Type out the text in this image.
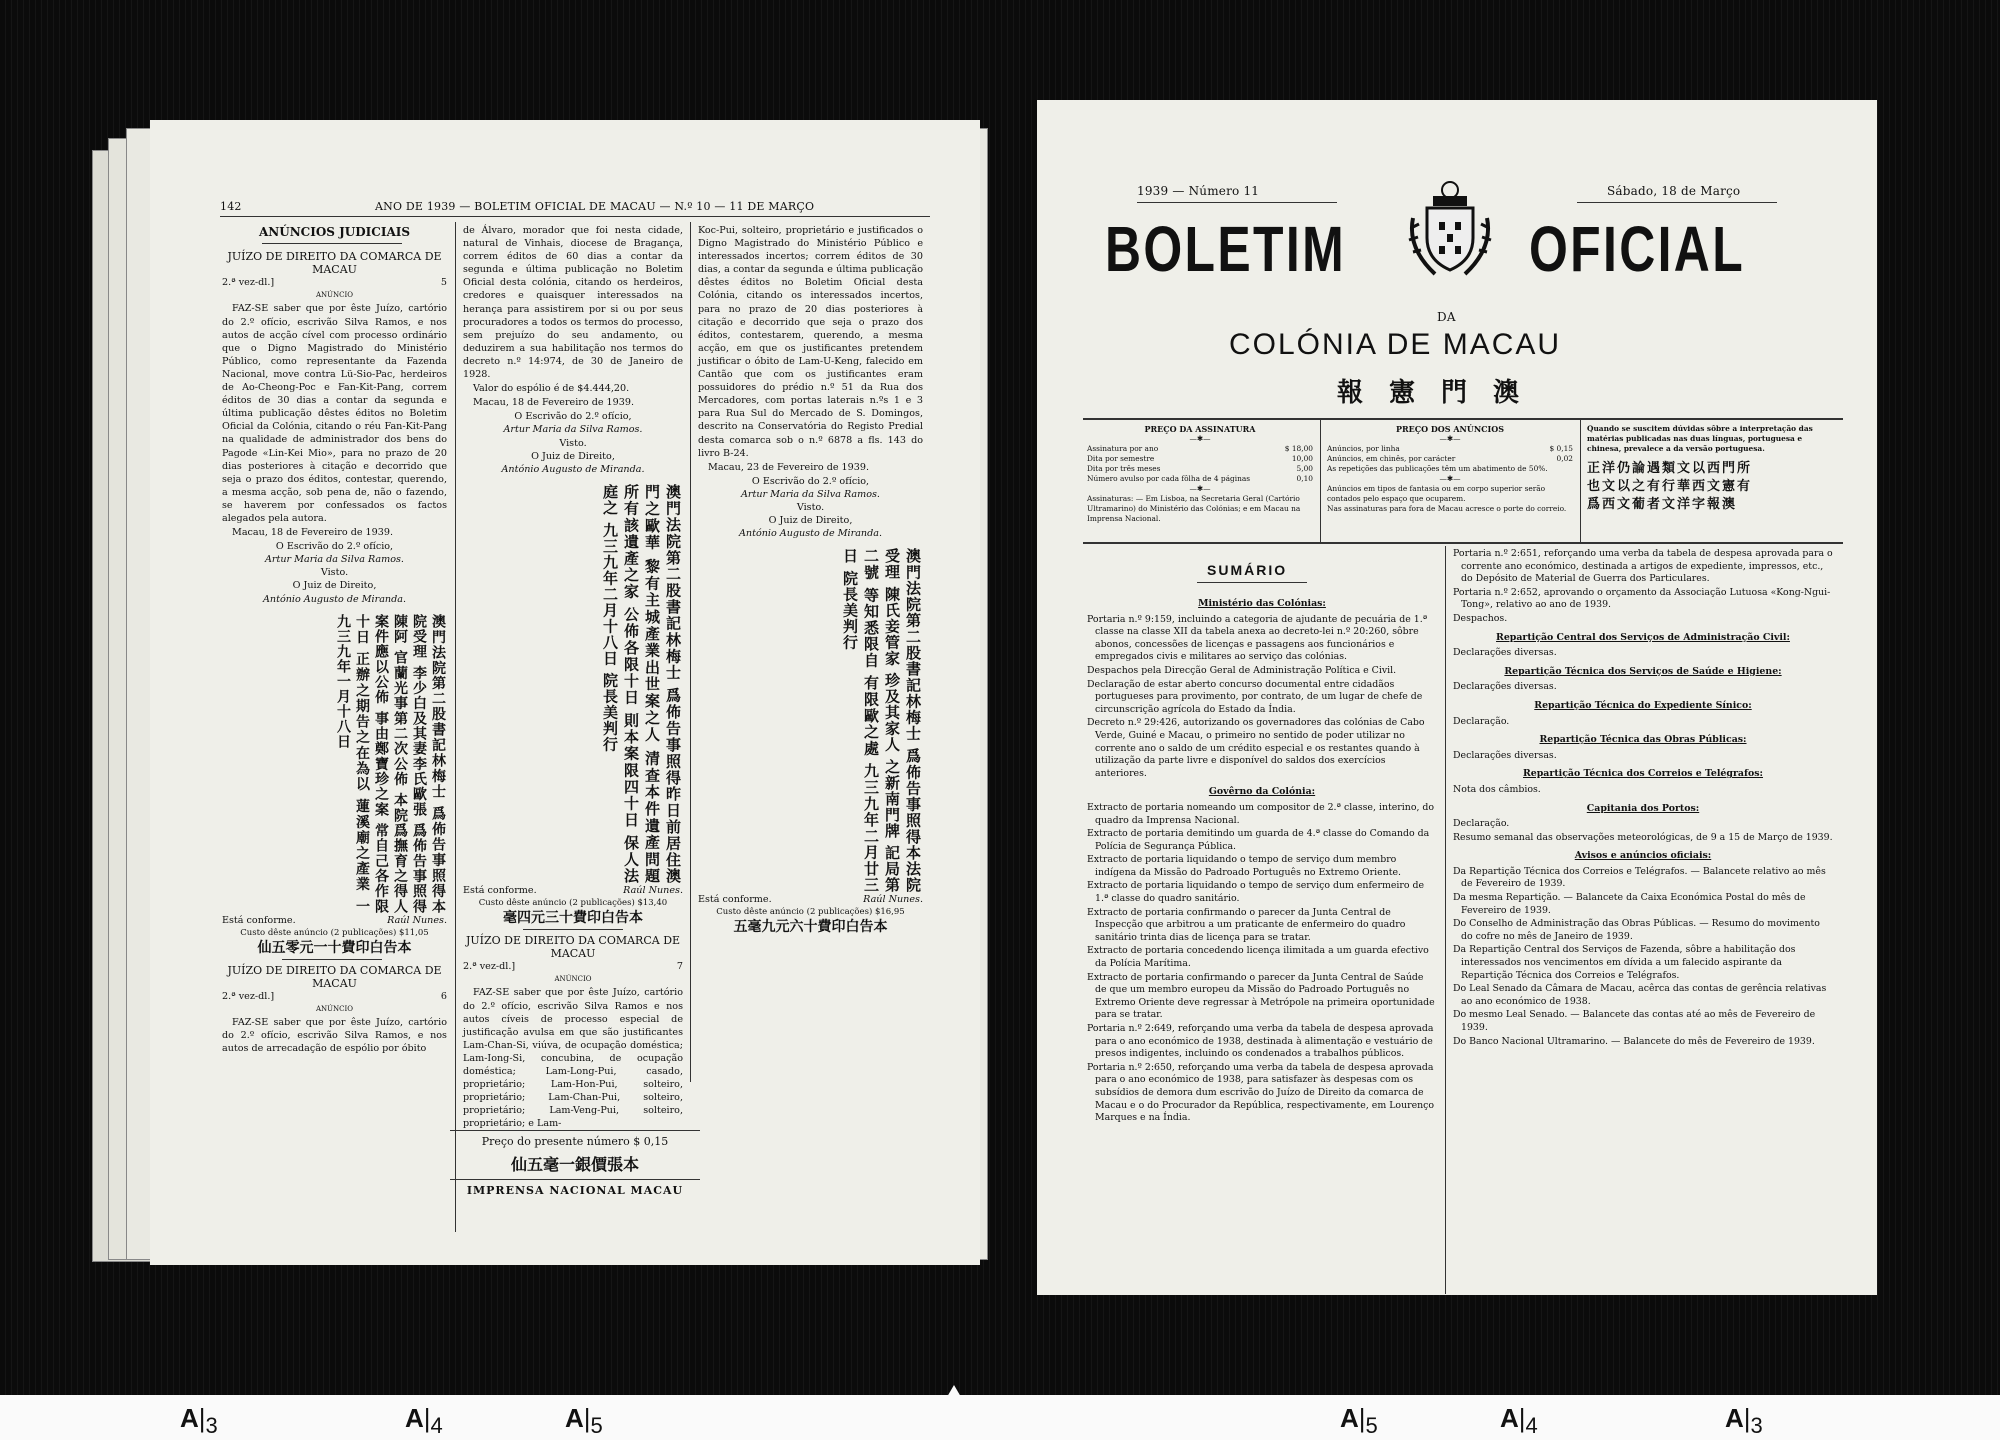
142	ANO DE 1939 — BOLETIM OFICIAL DE MACAU — N.º 10 — 11 DE MARÇO
ANÚNCIOS JUDICIAIS
JUÍZO DE DIREITO DA COMARCA DE MACAU
2.ª vez-dl.]	5
ANÚNCIO

FAZ-SE saber que por êste Juízo, cartório do 2.º ofício, escrivão Silva Ramos, e nos autos de acção cível com processo ordinário que o Digno Magistrado do Ministério Público, como representante da Fazenda Nacional, move contra Lü-Sio-Pac, herdeiros de Ao-Cheong-Poc e Fan-Kit-Pang, correm éditos de 30 dias a contar da segunda e última publicação dêstes éditos no Boletim Oficial da Colónia, citando o réu Fan-Kit-Pang na qualidade de administrador dos bens do Pagode «Lin-Kei Mio», para no prazo de 20 dias posteriores à citação e decorrido que seja o prazo dos éditos, contestar, querendo, a mesma acção, sob pena de, não o fazendo, se haverem por confessados os factos alegados pela autora.

Macau, 18 de Fevereiro de 1939.

O Escrivão do 2.º ofício,
Artur Maria da Silva Ramos.
Visto.
O Juiz de Direito,
António Augusto de Miranda.
澳門法院第二股書記林梅士 爲佈告事照得本院受理 李少白及其妻李氏歐張 爲佈告事照得陳阿 官蘭光事第二次公佈 本院爲撫育之得人 案件應以公佈 事由鄭寶珍之案 常自己各作限十日 正辦之期告之在為以 蓮溪廟之產業 一九三九年一月十八日
Está conforme.	Raúl Nunes.
Custo dêste anúncio (2 publicações) $11,05
仙五零元一十費印白告本
JUÍZO DE DIREITO DA COMARCA DE MACAU
2.ª vez-dl.]	6
ANÚNCIO

FAZ-SE saber que por êste Juízo, cartório do 2.º ofício, escrivão Silva Ramos, e nos autos de arrecadação de espólio por óbito

de Álvaro, morador que foi nesta cidade, natural de Vinhais, diocese de Bragança, correm éditos de 60 dias a contar da segunda e última publicação no Boletim Oficial desta colónia, citando os herdeiros, credores e quaisquer interessados na herança para assistirem por si ou por seus procuradores a todos os termos do processo, sem prejuízo do seu andamento, ou deduzirem a sua habilitação nos termos do decreto n.º 14:974, de 30 de Janeiro de 1928.

Valor do espólio é de $4.444,20.

Macau, 18 de Fevereiro de 1939.

O Escrivão do 2.º ofício,
Artur Maria da Silva Ramos.
Visto.
O Juiz de Direito,
António Augusto de Miranda.
澳門法院第二股書記林梅士 爲佈告事照得昨日前居住澳門之歐華 黎有主城產業出世案之人 清查本件遺產問題 所有該遺產之家 公佈各限十日 則本案限四十日 保人法庭之 九三九年二月十八日 院長美判行
Está conforme.	Raúl Nunes.
Custo dêste anúncio (2 publicações) $13,40
毫四元三十費印白告本
JUÍZO DE DIREITO DA COMARCA DE MACAU
2.ª vez-dl.]	7
ANÚNCIO

FAZ-SE saber que por êste Juízo, cartório do 2.º ofício, escrivão Silva Ramos e nos autos cíveis de processo especial de justificação avulsa em que são justificantes Lam-Chan-Si, viúva, de ocupação doméstica; Lam-Iong-Si, concubina, de ocupação doméstica; Lam-Long-Pui, casado, proprietário; Lam-Hon-Pui, solteiro, proprietário; Lam-Chan-Pui, solteiro, proprietário; Lam-Veng-Pui, solteiro, proprietário; e Lam-

Koc-Pui, solteiro, proprietário e justificados o Digno Magistrado do Ministério Público e interessados incertos; correm éditos de 30 dias, a contar da segunda e última publicação dêstes éditos no Boletim Oficial desta Colónia, citando os interessados incertos, para no prazo de 20 dias posteriores à citação e decorrido que seja o prazo dos éditos, contestarem, querendo, a mesma acção, em que os justificantes pretendem justificar o óbito de Lam-U-Keng, falecido em Cantão que com os justificantes eram possuidores do prédio n.º 51 da Rua dos Mercadores, com portas laterais n.ºs 1 e 3 para Rua Sul do Mercado de S. Domingos, descrito na Conservatória do Registo Predial desta comarca sob o n.º 6878 a fls. 143 do livro B-24.

Macau, 23 de Fevereiro de 1939.

O Escrivão do 2.º ofício,
Artur Maria da Silva Ramos.
Visto.
O Juiz de Direito,
António Augusto de Miranda.
澳門法院第二股書記林梅士 爲佈告事照得本法院受理 陳氏妾管家 珍及其家人 之新南門牌 記局第二號 等知悉限自 有限歐之處 九三九年二月廿三日 院長美判行
Está conforme.	Raúl Nunes.
Custo dêste anúncio (2 publicações) $16,95
五毫九元六十費印白告本
Preço do presente número $ 0,15
仙五毫一銀價張本
IMPRENSA NACIONAL MACAU
1939 — Número 11	Sábado, 18 de Março
BOLETIM	OFICIAL
DA
COLÓNIA DE MACAU
報憲門澳
PREÇO DA ASSINATURA
—✱—
Assinatura por ano	$ 18,00
Dita por semestre	10,00
Dita por três meses	5,00
Número avulso por cada fôlha de 4 páginas	0,10
—✱—
Assinaturas: — Em Lisboa, na Secretaria Geral (Cartório Ultramarino) do Ministério das Colónias; e em Macau na Imprensa Nacional.
PREÇO DOS ANÚNCIOS
—✱—
Anúncios, por linha	$ 0,15
Anúncios, em chinês, por carácter	0,02
As repetições das publicações têm um abatimento de 50%.
—✱—
Anúncios em tipos de fantasia ou em corpo superior serão contados pelo espaço que ocuparem.
Nas assinaturas para fora de Macau acresce o porte do correio.
Quando se suscitem dúvidas sôbre a interpretação das matérias publicadas nas duas línguas, portuguesa e chinesa, prevalece a da versão portuguesa.
正洋仍論遇類文以西門所
也文以之有行華西文憲有
爲西文葡者文洋字報澳
SUMÁRIO

Ministério das Colónias:

Portaria n.º 9:159, incluindo a categoria de ajudante de pecuária de 1.ª classe na classe XII da tabela anexa ao decreto-lei n.º 20:260, sôbre abonos, concessões de licenças e passagens aos funcionários e empregados civis e militares ao serviço das colónias.

Despachos pela Direcção Geral de Administração Política e Civil.

Declaração de estar aberto concurso documental entre cidadãos portugueses para provimento, por contrato, de um lugar de chefe de circunscrição agrícola do Estado da Índia.

Decreto n.º 29:426, autorizando os governadores das colónias de Cabo Verde, Guiné e Macau, o primeiro no sentido de poder utilizar no corrente ano o saldo de um crédito especial e os restantes quando à utilização da parte livre e disponível do saldos dos exercícios anteriores.

Govêrno da Colónia:

Extracto de portaria nomeando um compositor de 2.ª classe, interino, do quadro da Imprensa Nacional.

Extracto de portaria demitindo um guarda de 4.ª classe do Comando da Polícia de Segurança Pública.

Extracto de portaria liquidando o tempo de serviço dum membro indígena da Missão do Padroado Português no Extremo Oriente.

Extracto de portaria liquidando o tempo de serviço dum enfermeiro de 1.ª classe do quadro sanitário.

Extracto de portaria confirmando o parecer da Junta Central de Inspecção que arbitrou a um praticante de enfermeiro do quadro sanitário trinta dias de licença para se tratar.

Extracto de portaria concedendo licença ilimitada a um guarda efectivo da Polícia Marítima.

Extracto de portaria confirmando o parecer da Junta Central de Saúde de que um membro europeu da Missão do Padroado Português no Extremo Oriente deve regressar à Metrópole na primeira oportunidade para se tratar.

Portaria n.º 2:649, reforçando uma verba da tabela de despesa aprovada para o ano económico de 1938, destinada à alimentação e vestuário de presos indigentes, incluindo os condenados a trabalhos públicos.

Portaria n.º 2:650, reforçando uma verba da tabela de despesa aprovada para o ano económico de 1938, para satisfazer às despesas com os subsídios de demora dum escrivão do Juízo de Direito da comarca de Macau e o do Procurador da República, respectivamente, em Lourenço Marques e na Índia.

Portaria n.º 2:651, reforçando uma verba da tabela de despesa aprovada para o corrente ano económico, destinada a artigos de expediente, impressos, etc., do Depósito de Material de Guerra dos Particulares.

Portaria n.º 2:652, aprovando o orçamento da Associação Lutuosa «Kong-Ngui-Tong», relativo ao ano de 1939.

Despachos.

Repartição Central dos Serviços de Administração Civil:

Declarações diversas.

Repartição Técnica dos Serviços de Saúde e Higiene:

Declarações diversas.

Repartição Técnica do Expediente Sínico:

Declaração.

Repartição Técnica das Obras Públicas:

Declarações diversas.

Repartição Técnica dos Correios e Telégrafos:

Nota dos câmbios.

Capitania dos Portos:

Declaração.

Resumo semanal das observações meteorológicas, de 9 a 15 de Março de 1939.

Avisos e anúncios oficiais:

Da Repartição Técnica dos Correios e Telégrafos. — Balancete relativo ao mês de Fevereiro de 1939.

Da mesma Repartição. — Balancete da Caixa Económica Postal do mês de Fevereiro de 1939.

Do Conselho de Administração das Obras Públicas. — Resumo do movimento do cofre no mês de Janeiro de 1939.

Da Repartição Central dos Serviços de Fazenda, sôbre a habilitação dos interessados nos vencimentos em dívida a um falecido aspirante da Repartição Técnica dos Correios e Telégrafos.

Do Leal Senado da Câmara de Macau, acêrca das contas de gerência relativas ao ano económico de 1938.

Do mesmo Leal Senado. — Balancete das contas até ao mês de Fevereiro de 1939.

Do Banco Nacional Ultramarino. — Balancete do mês de Fevereiro de 1939.

$A|_3$	$A|_4$	$A|_5$	$A|_5$	$A|_4$	$A|_3$
